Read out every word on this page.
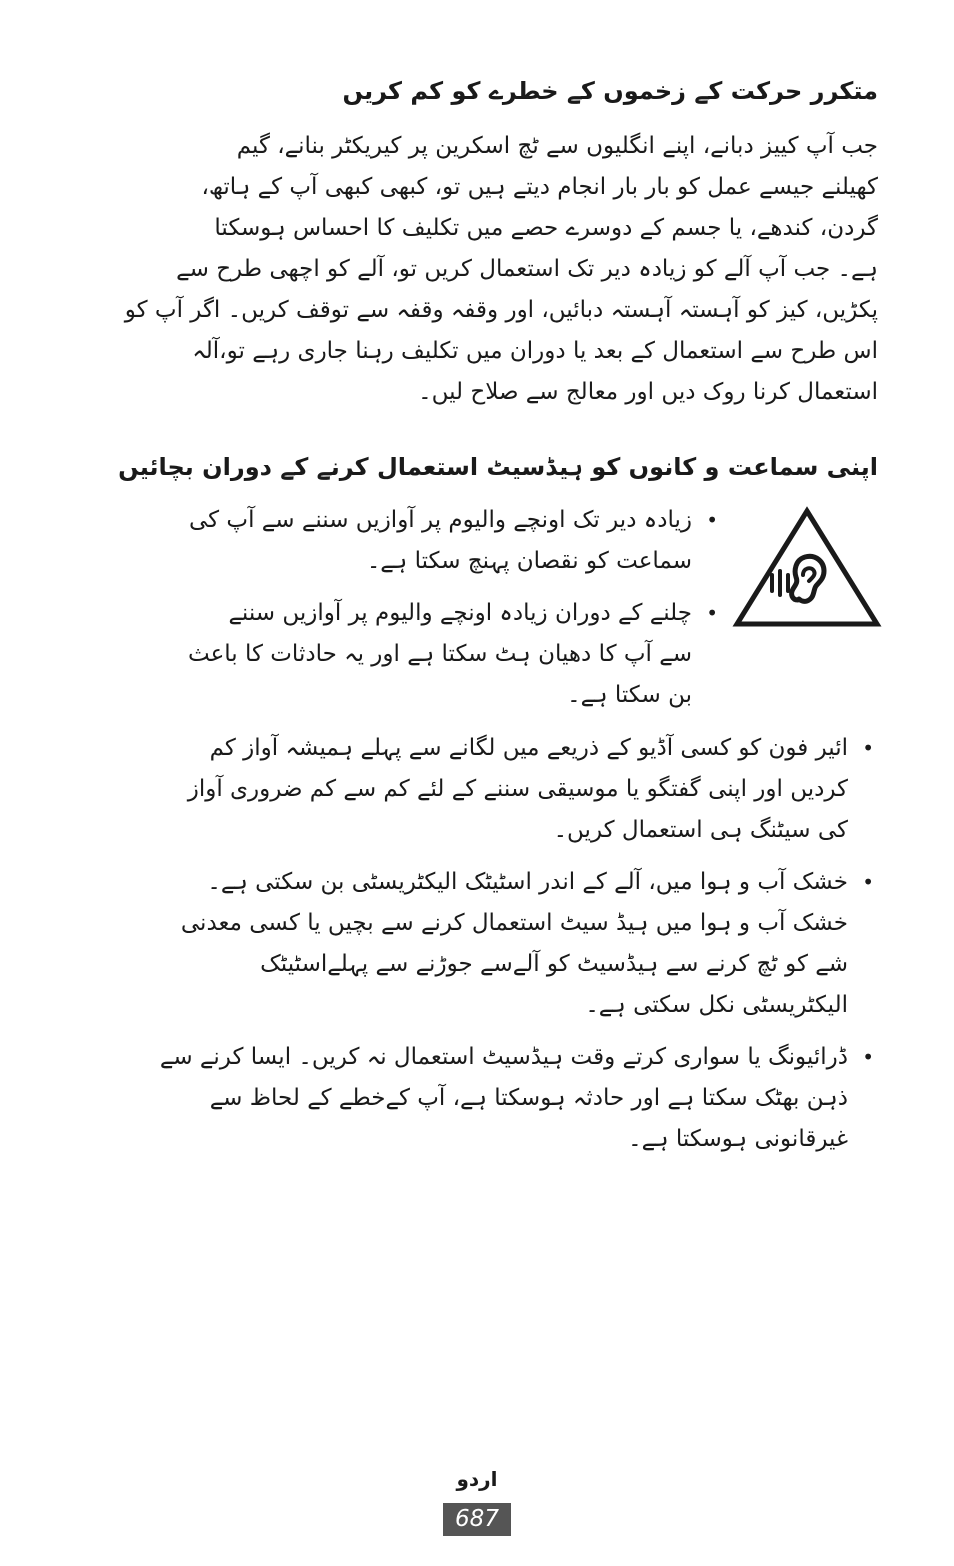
متکرر حرکت کے زخموں کے خطرے کو کم کریں
جب آپ کییز دبانے، اپنے انگلیوں سے ٹچ اسکرین پر کیریکٹر بنانے، گیم
کھیلنے جیسے عمل کو بار بار انجام دیتے ہیں تو، کبھی کبھی آپ کے ہاتھ،
گردن، کندھے، یا جسم کے دوسرے حصے میں تکلیف کا احساس ہوسکتا
ہے۔ جب آپ آلے کو زیادہ دیر تک استعمال کریں تو، آلے کو اچھی طرح سے
پکڑیں، کیز کو آہستہ آہستہ دبائیں، اور وقفہ وقفہ سے توقف کریں۔ اگر آپ کو
اس طرح سے استعمال کے بعد یا دوران میں تکلیف رہنا جاری رہے تو،آلہ
استعمال کرنا روک دیں اور معالج سے صلاح لیں۔
اپنی سماعت و کانوں کو ہیڈسیٹ استعمال کرنے کے دوران بچائیں
•
زیادہ دیر تک اونچے والیوم پر آوازیں سننے سے آپ کی
سماعت کو نقصان پہنچ سکتا ہے۔
•
چلنے کے دوران زیادہ اونچے والیوم پر آوازیں سننے
سے آپ کا دھیان ہٹ سکتا ہے اور یہ حادثات کا باعث
بن سکتا ہے۔
•
ائیر فون کو کسی آڈیو کے ذریعے میں لگانے سے پہلے ہمیشہ آواز کم
کردیں اور اپنی گفتگو یا موسیقی سننے کے لئے کم سے کم ضروری آواز
کی سیٹنگ ہی استعمال کریں۔
•
خشک آب و ہوا میں، آلے کے اندر اسٹیٹک الیکٹریسٹی بن سکتی ہے۔
خشک آب و ہوا میں ہیڈ سیٹ استعمال کرنے سے بچیں یا کسی معدنی
شے کو ٹچ کرنے سے ہیڈسیٹ کو آلےسے جوڑنے سے پہلےاسٹیٹک
الیکٹریسٹی نکل سکتی ہے۔
•
ڈرائیونگ یا سواری کرتے وقت ہیڈسیٹ استعمال نہ کریں۔ ایسا کرنے سے
ذہن بھٹک سکتا ہے اور حادثہ ہوسکتا ہے، آپ کےخطے کے لحاظ سے
غیرقانونی ہوسکتا ہے۔
اردو
687
